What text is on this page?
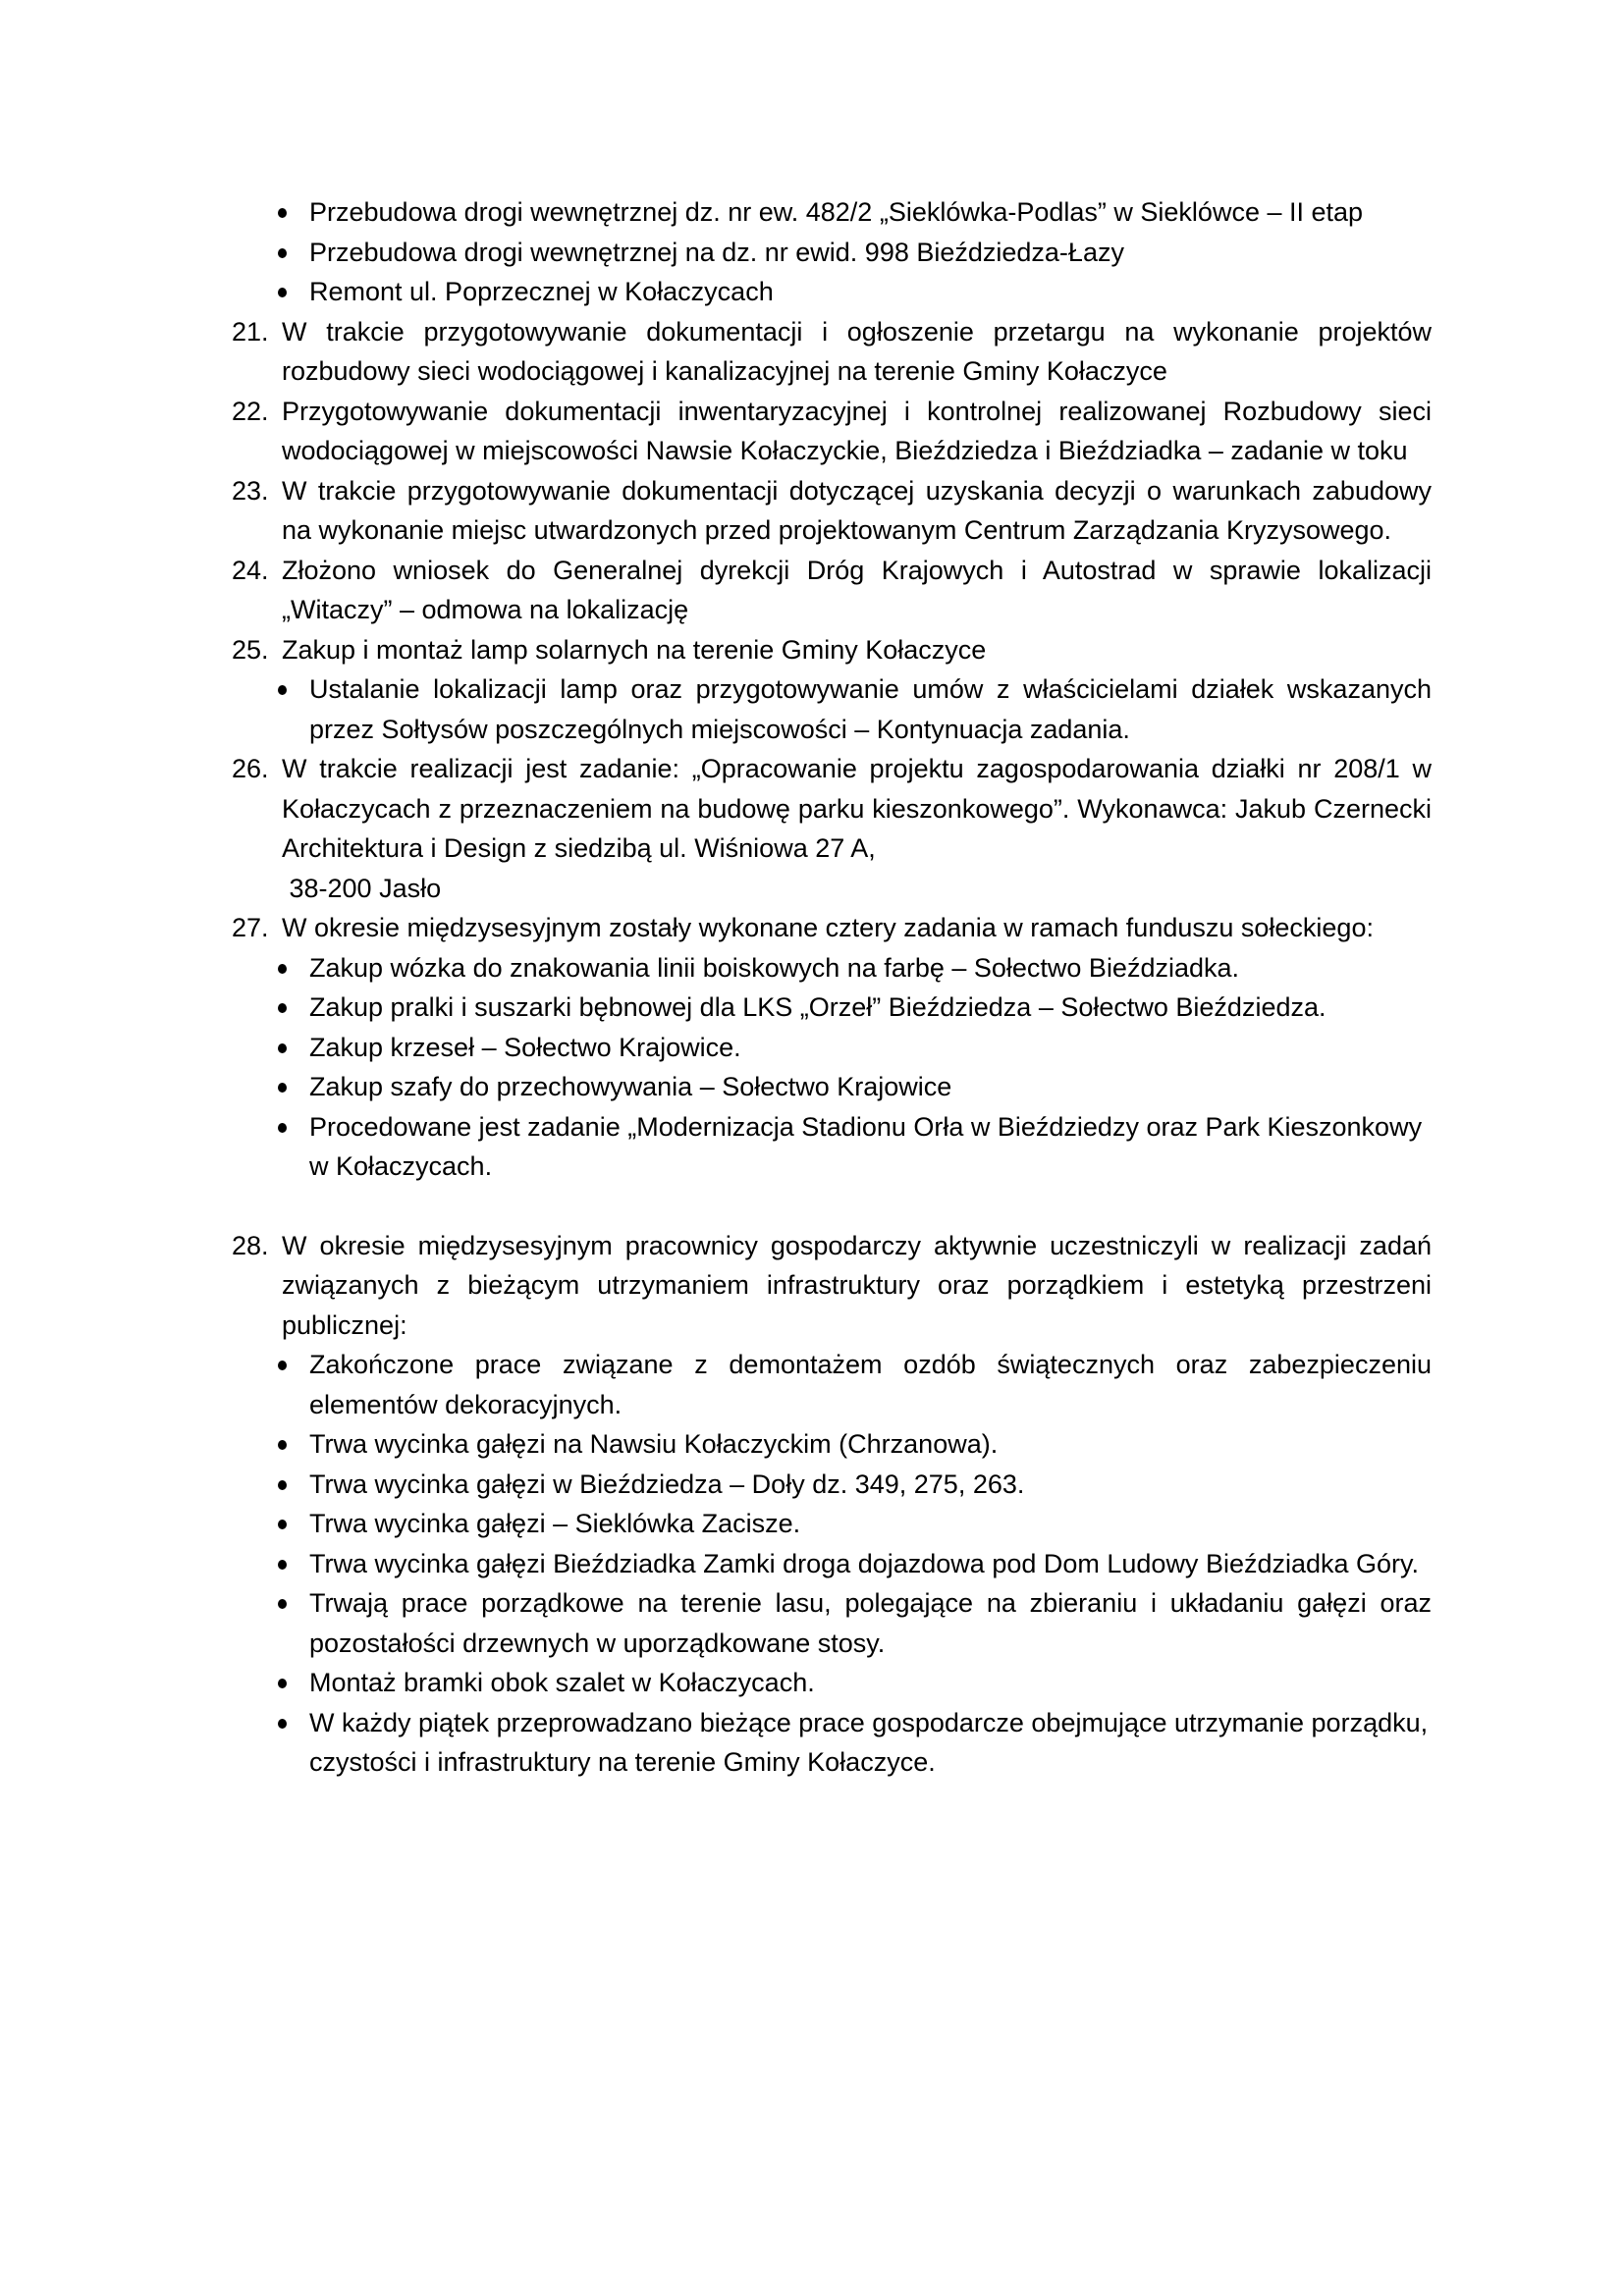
Przebudowa drogi wewnętrznej dz. nr ew. 482/2 „Sieklówka-Podlas” w Sieklówce – II etap
Przebudowa drogi wewnętrznej na dz. nr ewid. 998 Bieździedza-Łazy
Remont ul. Poprzecznej w Kołaczycach
21. W trakcie przygotowywanie dokumentacji i ogłoszenie przetargu na wykonanie projektów rozbudowy sieci wodociągowej i kanalizacyjnej na terenie Gminy Kołaczyce
22. Przygotowywanie dokumentacji inwentaryzacyjnej i kontrolnej realizowanej Rozbudowy sieci wodociągowej w miejscowości Nawsie Kołaczyckie, Bieździedza i Bieździadka – zadanie w toku
23. W trakcie przygotowywanie dokumentacji dotyczącej uzyskania decyzji o warunkach zabudowy na wykonanie miejsc utwardzonych przed projektowanym Centrum Zarządzania Kryzysowego.
24. Złożono wniosek do Generalnej dyrekcji Dróg Krajowych i Autostrad w sprawie lokalizacji „Witaczy” – odmowa na lokalizację
25. Zakup i montaż lamp solarnych na terenie Gminy Kołaczyce
Ustalanie lokalizacji lamp oraz przygotowywanie umów z właścicielami działek wskazanych przez Sołtysów poszczególnych miejscowości – Kontynuacja zadania.
26. W trakcie realizacji jest zadanie: „Opracowanie projektu zagospodarowania działki nr 208/1 w Kołaczycach z przeznaczeniem na budowę parku kieszonkowego”. Wykonawca: Jakub Czernecki Architektura i Design z siedzibą ul. Wiśniowa 27 A,
38-200 Jasło
27. W okresie międzysesyjnym zostały wykonane cztery zadania w ramach funduszu sołeckiego:
Zakup wózka do znakowania linii boiskowych na farbę – Sołectwo Bieździadka.
Zakup pralki i suszarki bębnowej dla LKS „Orzeł” Bieździedza – Sołectwo Bieździedza.
Zakup krzeseł – Sołectwo Krajowice.
Zakup szafy do przechowywania – Sołectwo Krajowice
Procedowane jest zadanie „Modernizacja Stadionu Orła w Bieździedzy oraz Park Kieszonkowy w Kołaczycach.
28. W okresie międzysesyjnym pracownicy gospodarczy aktywnie uczestniczyli w realizacji zadań związanych z bieżącym utrzymaniem infrastruktury oraz porządkiem i estetyką przestrzeni publicznej:
Zakończone prace związane z demontażem ozdób świątecznych oraz zabezpieczeniu elementów dekoracyjnych.
Trwa wycinka gałęzi na Nawsiu Kołaczyckim (Chrzanowa).
Trwa wycinka gałęzi w Bieździedza – Doły dz. 349, 275, 263.
Trwa wycinka gałęzi – Sieklówka Zacisze.
Trwa wycinka gałęzi Bieździadka Zamki droga dojazdowa pod Dom Ludowy Bieździadka Góry.
Trwają prace porządkowe na terenie lasu, polegające na zbieraniu i układaniu gałęzi oraz pozostałości drzewnych w uporządkowane stosy.
Montaż bramki obok szalet w Kołaczycach.
W każdy piątek przeprowadzano bieżące prace gospodarcze obejmujące utrzymanie porządku, czystości i infrastruktury na terenie Gminy Kołaczyce.
